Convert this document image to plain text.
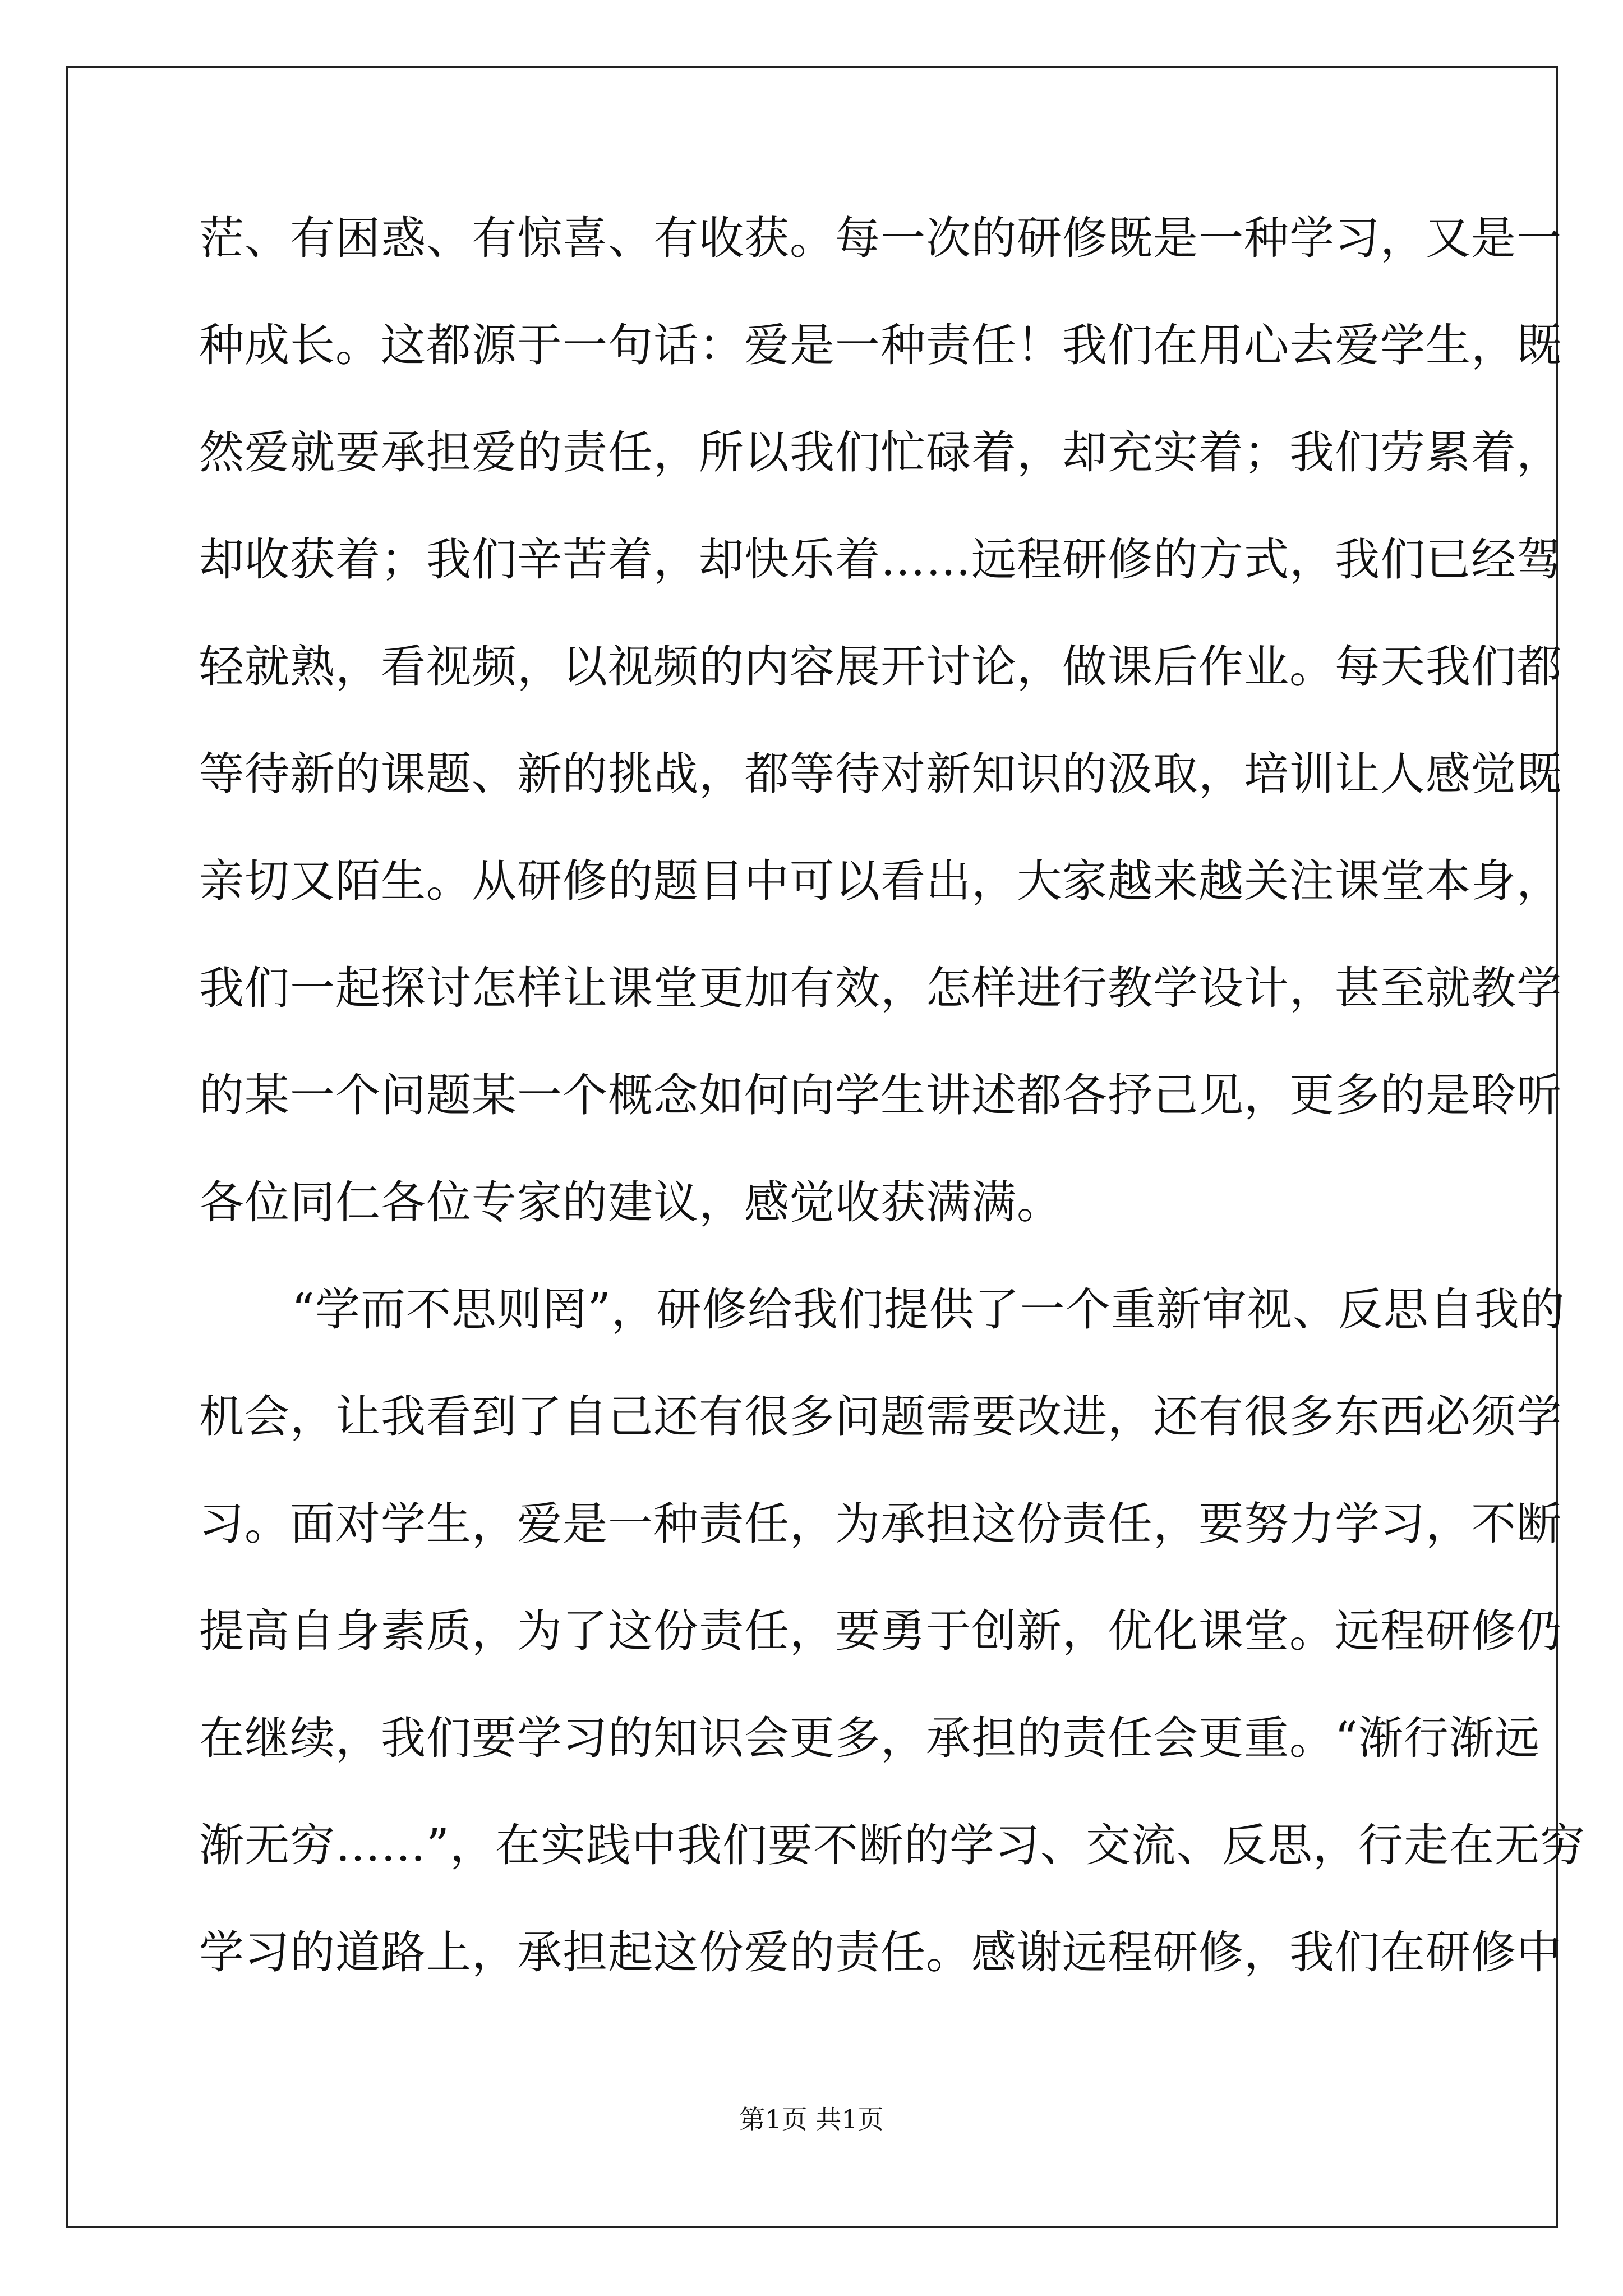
茫、有困惑、有惊喜、有收获。每一次的研修既是一种学习，又是一
种成长。这都源于一句话：爱是一种责任！我们在用心去爱学生，既
然爱就要承担爱的责任，所以我们忙碌着，却充实着；我们劳累着，
却收获着；我们辛苦着，却快乐着……远程研修的方式，我们已经驾
轻就熟，看视频，以视频的内容展开讨论，做课后作业。每天我们都
等待新的课题、新的挑战，都等待对新知识的汲取，培训让人感觉既
亲切又陌生。从研修的题目中可以看出，大家越来越关注课堂本身，
我们一起探讨怎样让课堂更加有效，怎样进行教学设计，甚至就教学
的某一个问题某一个概念如何向学生讲述都各抒己见，更多的是聆听
各位同仁各位专家的建议，感觉收获满满。
“学而不思则罔”，研修给我们提供了一个重新审视、反思自我的
机会，让我看到了自己还有很多问题需要改进，还有很多东西必须学
习。面对学生，爱是一种责任，为承担这份责任，要努力学习，不断
提高自身素质，为了这份责任，要勇于创新，优化课堂。远程研修仍
在继续，我们要学习的知识会更多，承担的责任会更重。“渐行渐远
渐无穷……”，在实践中我们要不断的学习、交流、反思，行走在无穷
学习的道路上，承担起这份爱的责任。感谢远程研修，我们在研修中
第1页 共1页
